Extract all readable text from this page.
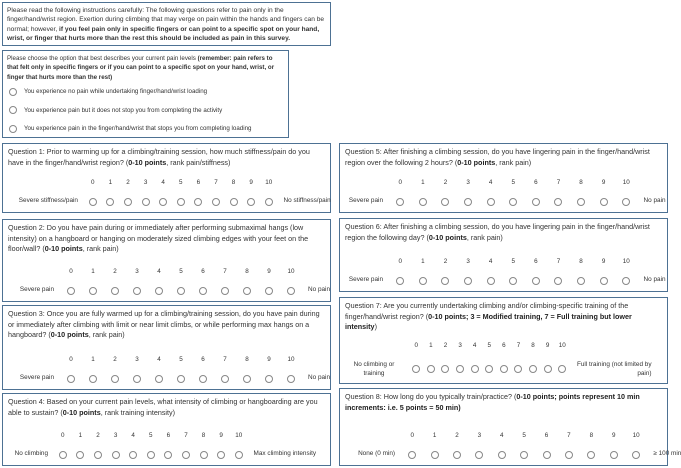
Please read the following instructions carefully: The following questions refer to pain only in the finger/hand/wrist region. Exertion during climbing that may verge on pain within the hands and fingers can be normal; however, if you feel pain only in specific fingers or can point to a specific spot on your hand, wrist, or finger that hurts more than the rest this should be included as pain in this survey.
Please choose the option that best describes your current pain levels (remember: pain refers to that felt only in specific fingers or if you can point to a specific spot on your hand, wrist, or finger that hurts more than the rest)
You experience no pain while undertaking finger/hand/wrist loading
You experience pain but it does not stop you from completing the activity
You experience pain in the finger/hand/wrist that stops you from completing loading
Question 1: Prior to warming up for a climbing/training session, how much stiffness/pain do you have in the finger/hand/wrist region? (0-10 points, rank pain/stiffness)
0	1	2	3	4	5	6	7	8	9	10
Severe stiffness/pain	No stiffness/pain
Question 2: Do you have pain during or immediately after performing submaximal hangs (low intensity) on a hangboard or hanging on moderately sized climbing edges with your feet on the floor/wall? (0-10 points, rank pain)
0	1	2	3	4	5	6	7	8	9	10
Severe pain	No pain
Question 3: Once you are fully warmed up for a climbing/training session, do you have pain during or immediately after climbing with limit or near limit climbs, or while performing max hangs on a hangboard? (0-10 points, rank pain)
0	1	2	3	4	5	6	7	8	9	10
Severe pain	No pain
Question 4: Based on your current pain levels, what intensity of climbing or hangboarding are you able to sustain? (0-10 points, rank training intensity)
0	1	2	3	4	5	6	7	8	9	10
No climbing	Max climbing intensity
Question 5: After finishing a climbing session, do you have lingering pain in the finger/hand/wrist region over the following 2 hours? (0-10 points, rank pain)
0	1	2	3	4	5	6	7	8	9	10
Severe pain	No pain
Question 6: After finishing a climbing session, do you have lingering pain in the finger/hand/wrist region the following day? (0-10 points, rank pain)
0	1	2	3	4	5	6	7	8	9	10
Severe pain	No pain
Question 7: Are you currently undertaking climbing and/or climbing-specific training of the finger/hand/wrist region? (0-10 points; 3 = Modified training, 7 = Full training but lower intensity)
0	1	2	3	4	5	6	7	8	9	10
No climbing or training
Full training (not limited by pain)
Question 8: How long do you typically train/practice? (0-10 points; points represent 10 min increments: i.e. 5 points = 50 min)
0	1	2	3	4	5	6	7	8	9	10
None (0 min)	≥ 100 min
